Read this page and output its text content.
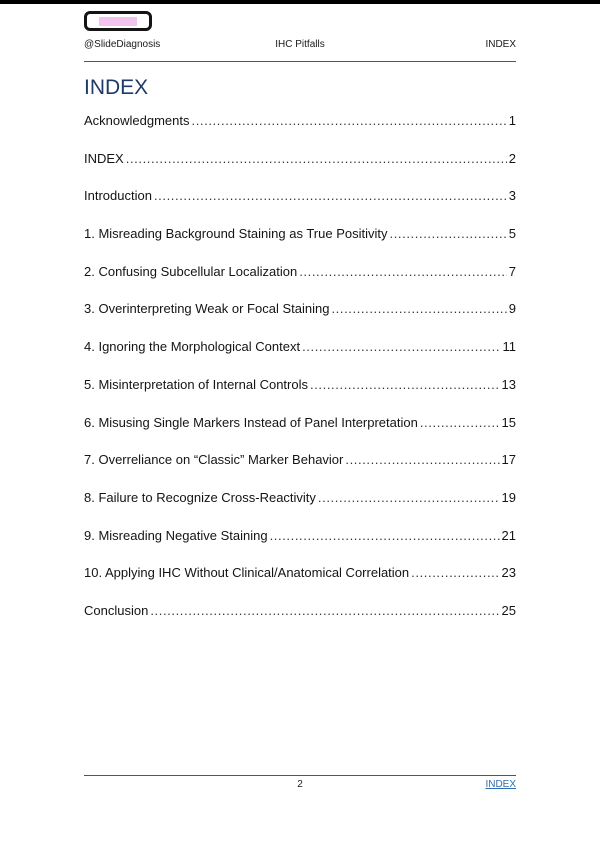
@SlideDiagnosis	IHC Pitfalls	INDEX
INDEX
Acknowledgments .....	1
INDEX .....	2
Introduction .....	3
1. Misreading Background Staining as True Positivity .....	5
2. Confusing Subcellular Localization .....	7
3. Overinterpreting Weak or Focal Staining .....	9
4. Ignoring the Morphological Context .....	11
5. Misinterpretation of Internal Controls .....	13
6. Misusing Single Markers Instead of Panel Interpretation .....	15
7. Overreliance on “Classic” Marker Behavior .....	17
8. Failure to Recognize Cross-Reactivity .....	19
9. Misreading Negative Staining .....	21
10. Applying IHC Without Clinical/Anatomical Correlation .....	23
Conclusion .....	25
2	INDEX
